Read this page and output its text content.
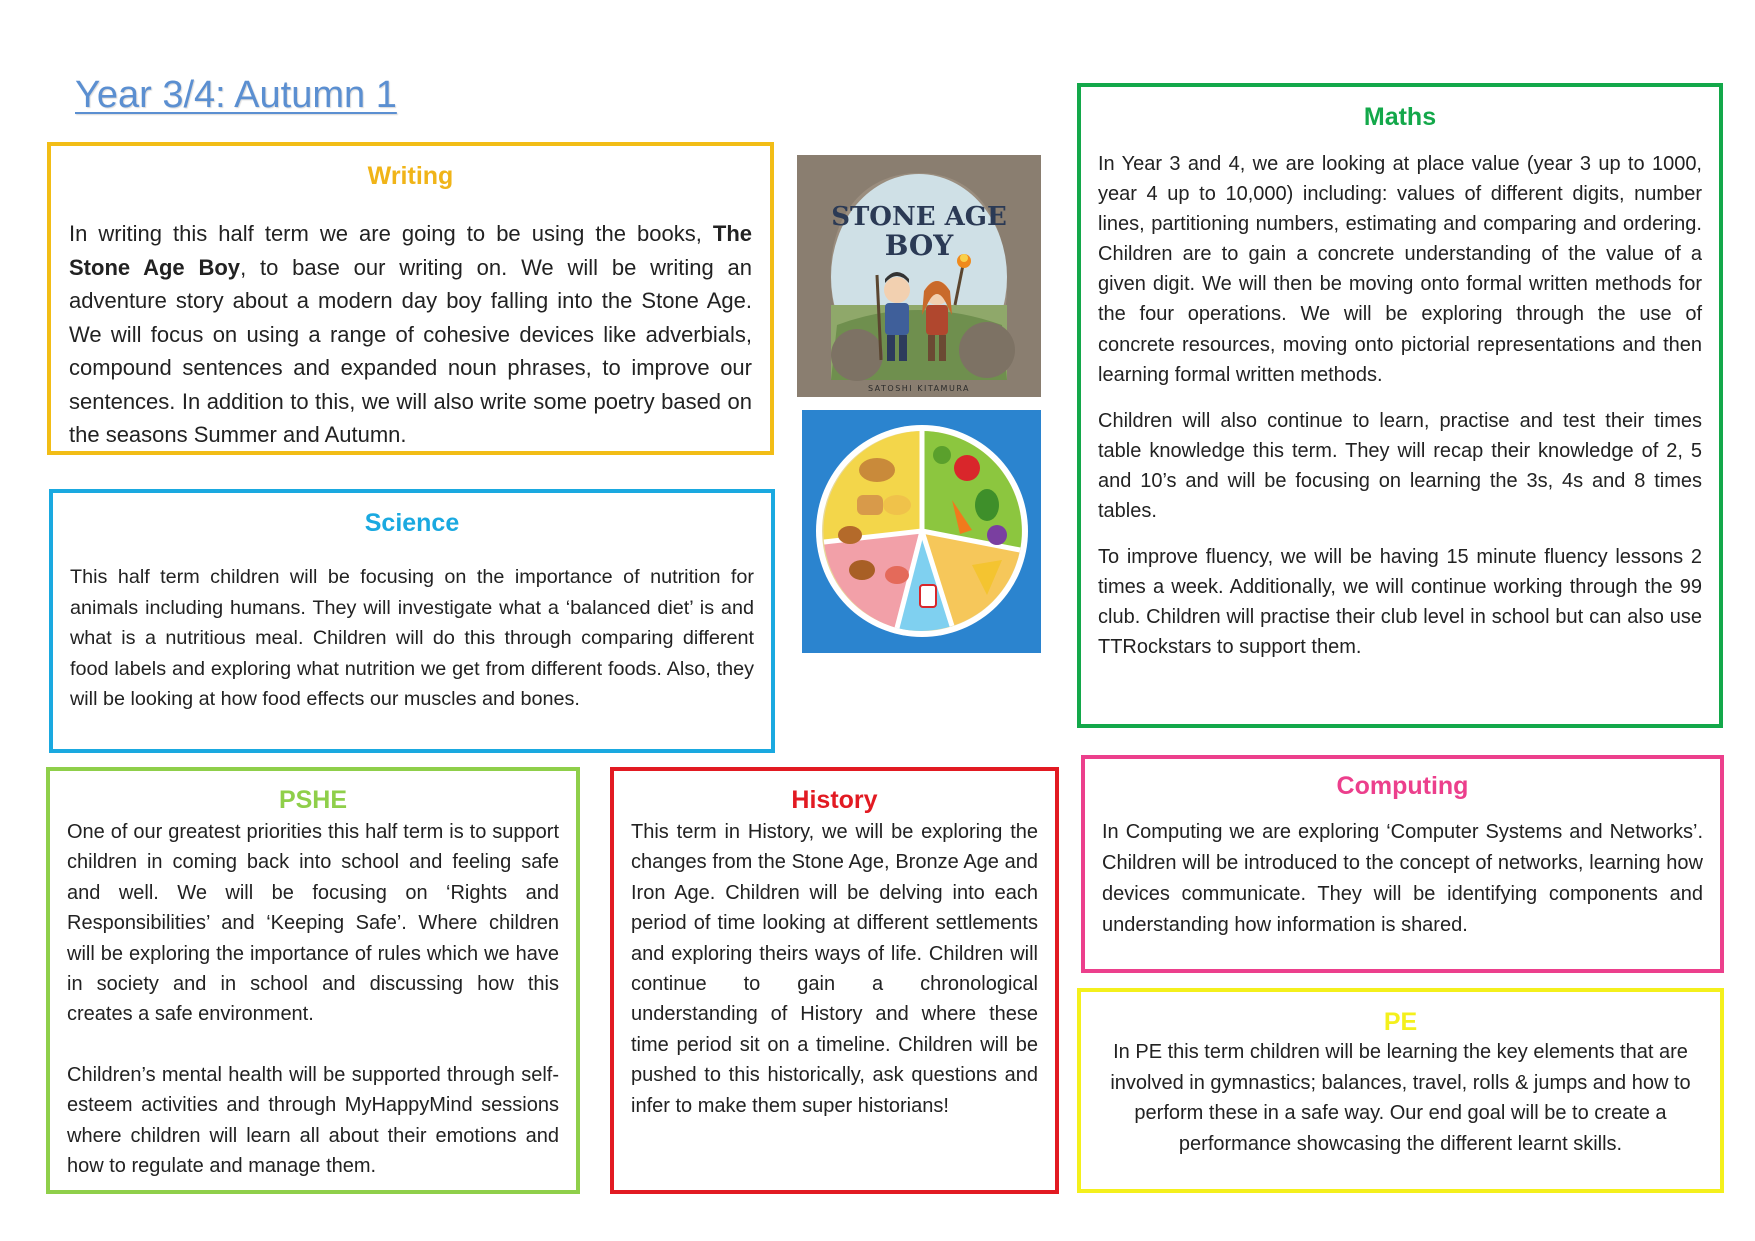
Year 3/4: Autumn 1
Writing

In writing this half term we are going to be using the books, The Stone Age Boy, to base our writing on. We will be writing an adventure story about a modern day boy falling into the Stone Age. We will focus on using a range of cohesive devices like adverbials, compound sentences and expanded noun phrases, to improve our sentences. In addition to this, we will also write some poetry based on the seasons Summer and Autumn.

Science

This half term children will be focusing on the importance of nutrition for animals including humans. They will investigate what a ‘balanced diet’ is and what is a nutritious meal. Children will do this through comparing different food labels and exploring what nutrition we get from different foods. Also, they will be looking at how food effects our muscles and bones.

PSHE

One of our greatest priorities this half term is to support children in coming back into school and feeling safe and well. We will be focusing on ‘Rights and Responsibilities’ and ‘Keeping Safe’. Where children will be exploring the importance of rules which we have in society and in school and discussing how this creates a safe environment.

Children’s mental health will be supported through self-esteem activities and through MyHappyMind sessions where children will learn all about their emotions and how to regulate and manage them.

History

This term in History, we will be exploring the changes from the Stone Age, Bronze Age and Iron Age. Children will be delving into each period of time looking at different settlements and exploring theirs ways of life. Children will continue to gain a chronological understanding of History and where these time period sit on a timeline. Children will be pushed to this historically, ask questions and infer to make them super historians!

Maths

In Year 3 and 4, we are looking at place value (year 3 up to 1000, year 4 up to 10,000) including: values of different digits, number lines, partitioning numbers, estimating and comparing and ordering. Children are to gain a concrete understanding of the value of a given digit. We will then be moving onto formal written methods for the four operations. We will be exploring through the use of concrete resources, moving onto pictorial representations and then learning formal written methods.

Children will also continue to learn, practise and test their times table knowledge this term. They will recap their knowledge of 2, 5 and 10’s and will be focusing on learning the 3s, 4s and 8 times tables.

To improve fluency, we will be having 15 minute fluency lessons 2 times a week. Additionally, we will continue working through the 99 club. Children will practise their club level in school but can also use TTRockstars to support them.

Computing

In Computing we are exploring ‘Computer Systems and Networks’. Children will be introduced to the concept of networks, learning how devices communicate. They will be identifying components and understanding how information is shared.

PE

In PE this term children will be learning the key elements that are involved in gymnastics; balances, travel, rolls & jumps and how to perform these in a safe way. Our end goal will be to create a performance showcasing the different learnt skills.

STONE AGE
BOY
SATOSHI KITAMURA
